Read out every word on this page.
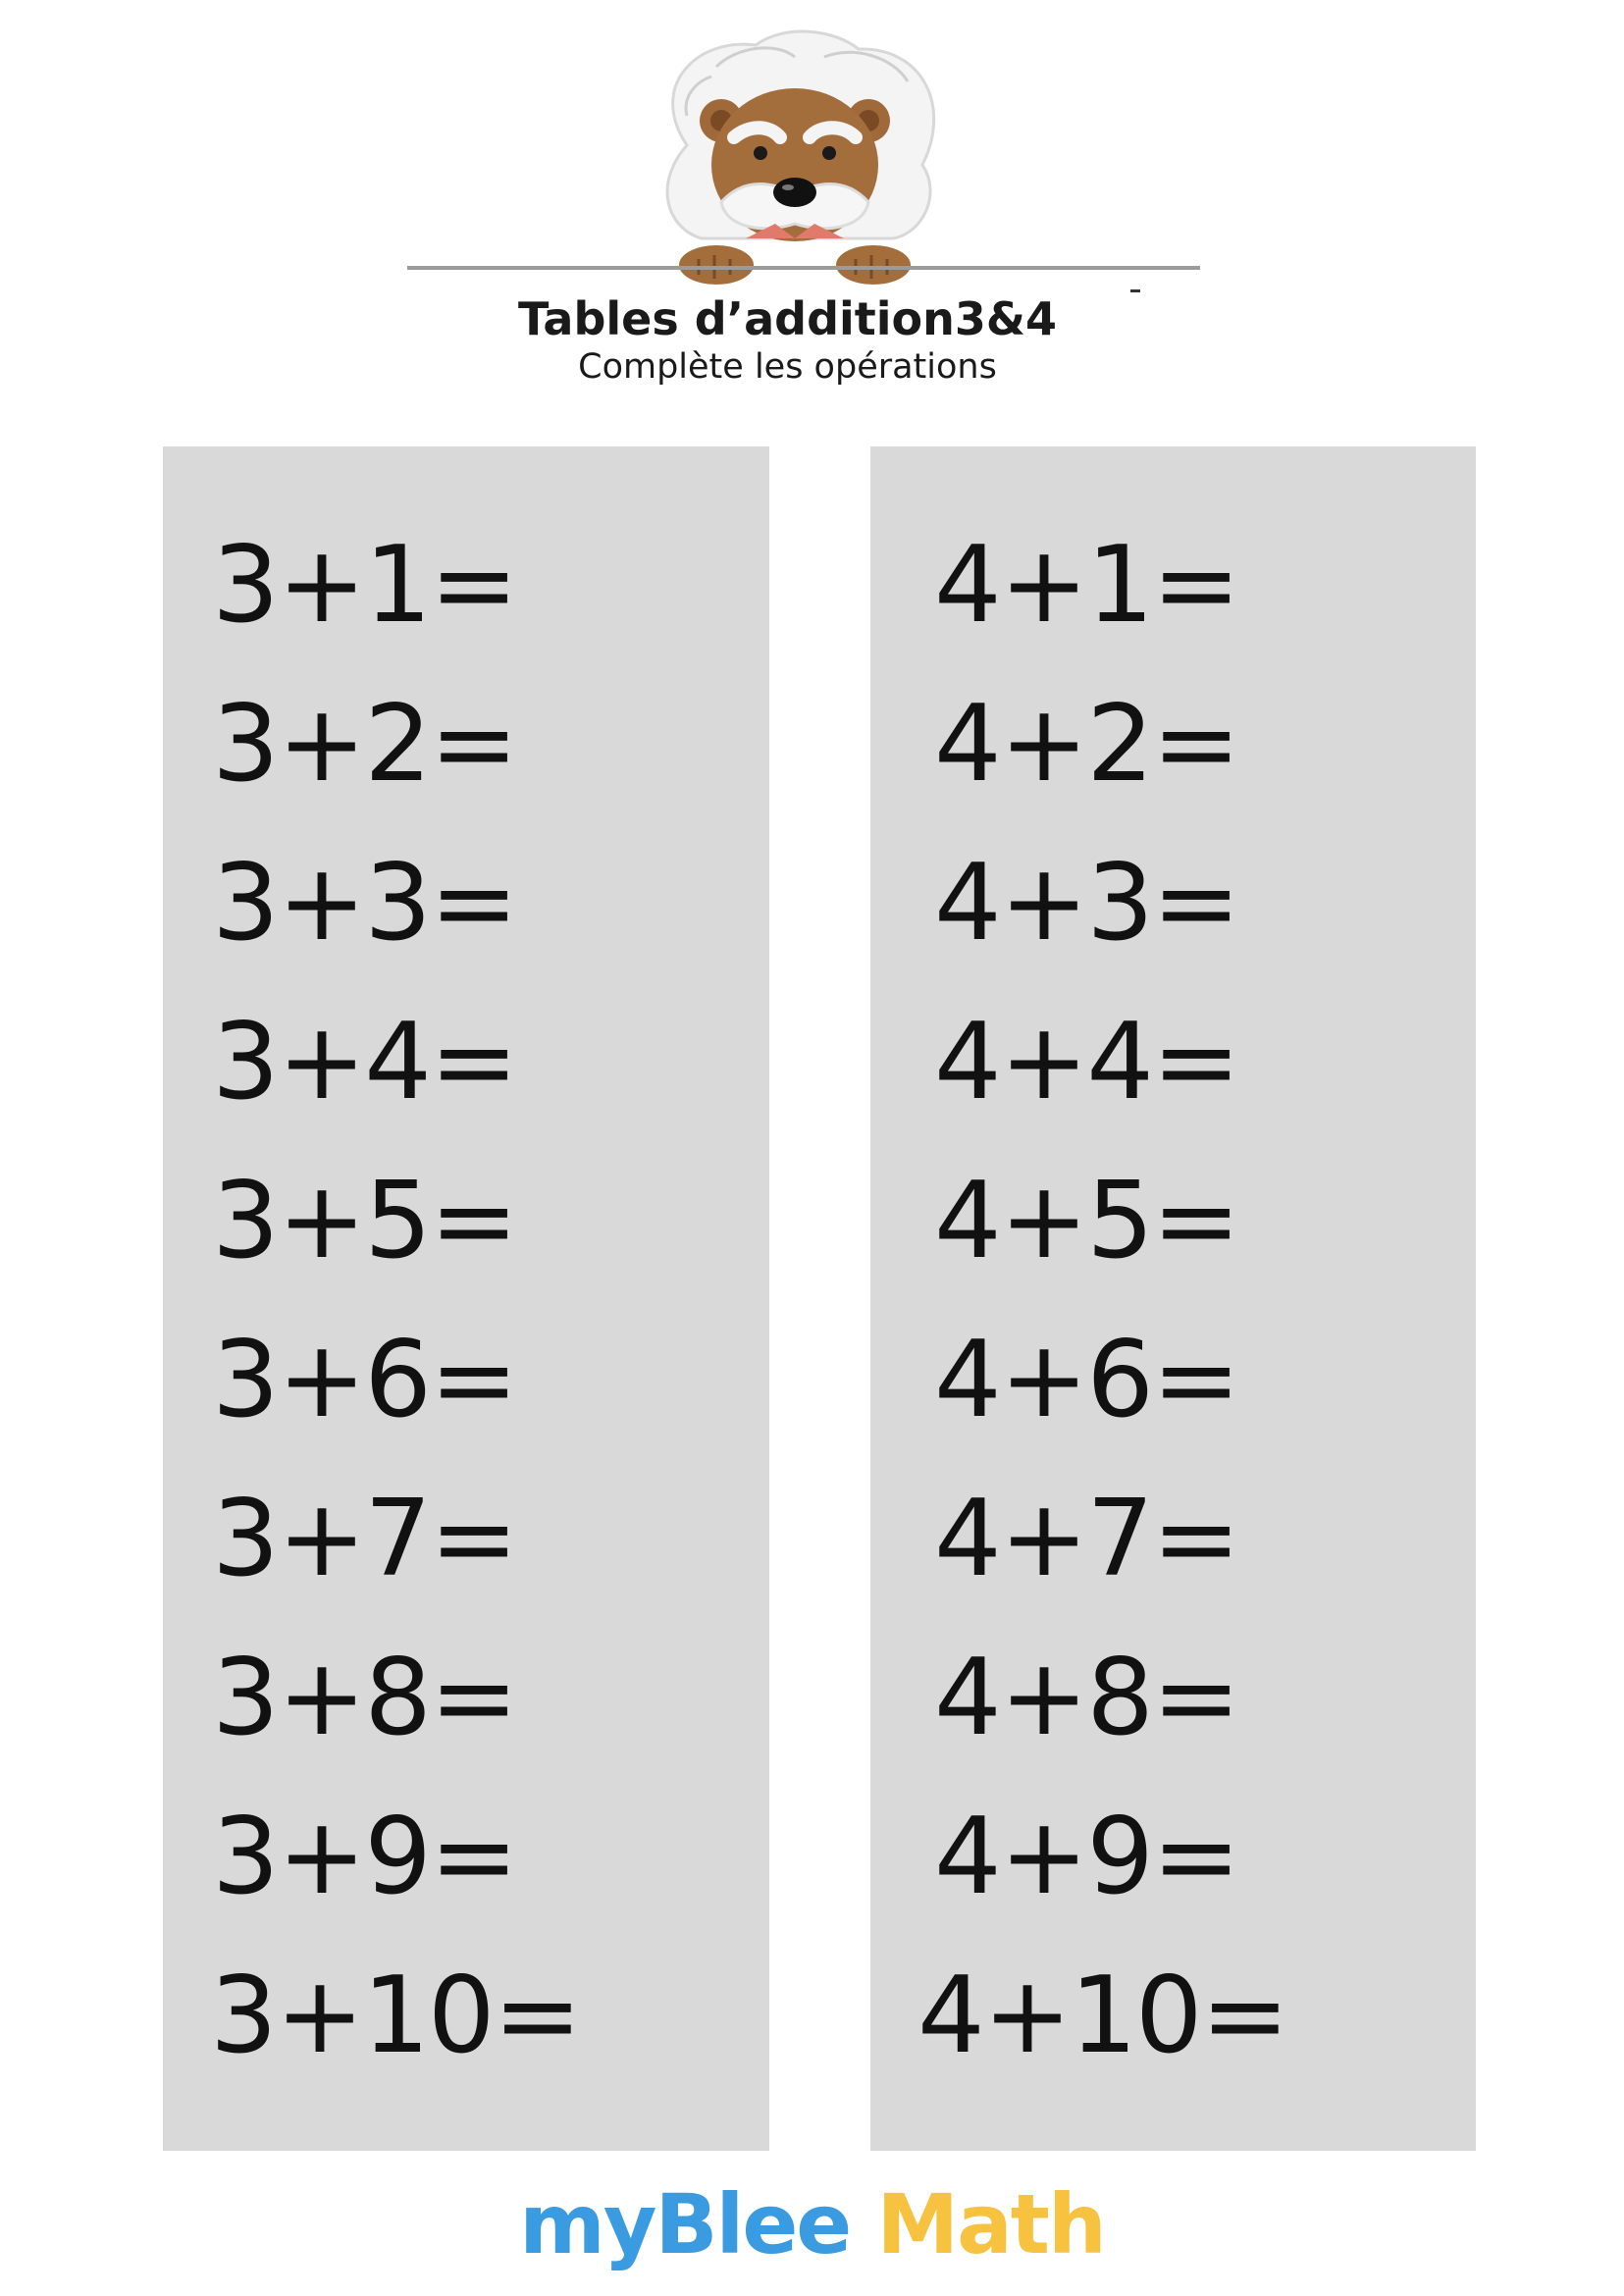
Tables d’addition3&4
Complète les opérations
3+1=
3+2=
3+3=
3+4=
3+5=
3+6=
3+7=
3+8=
3+9=
3+10=
4+1=
4+2=
4+3=
4+4=
4+5=
4+6=
4+7=
4+8=
4+9=
4+10=
myBlee Math
